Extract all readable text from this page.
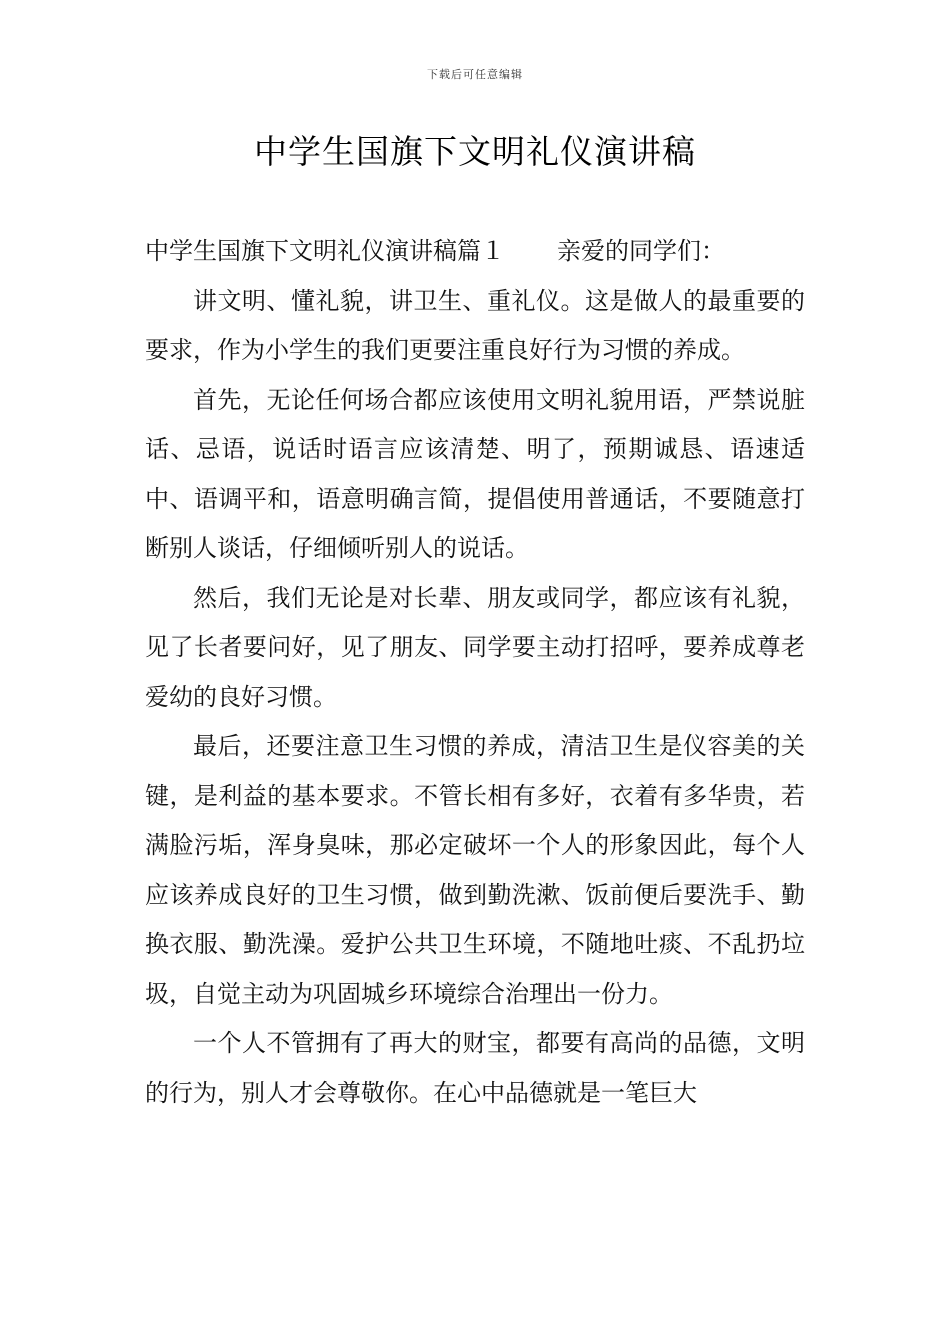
下载后可任意编辑
中学生国旗下文明礼仪演讲稿

中学生国旗下文明礼仪演讲稿篇１ 亲爱的同学们：

讲文明、懂礼貌，讲卫生、重礼仪。这是做人的最重要的要求，作为小学生的我们更要注重良好行为习惯的养成。

首先，无论任何场合都应该使用文明礼貌用语，严禁说脏话、忌语，说话时语言应该清楚、明了，预期诚恳、语速适中、语调平和，语意明确言简，提倡使用普通话，不要随意打断别人谈话，仔细倾听别人的说话。

然后，我们无论是对长辈、朋友或同学，都应该有礼貌，见了长者要问好，见了朋友、同学要主动打招呼，要养成尊老爱幼的良好习惯。

最后，还要注意卫生习惯的养成，清洁卫生是仪容美的关键，是利益的基本要求。不管长相有多好，衣着有多华贵，若满脸污垢，浑身臭味，那必定破坏一个人的形象因此，每个人应该养成良好的卫生习惯，做到勤洗漱、饭前便后要洗手、勤换衣服、勤洗澡。爱护公共卫生环境，不随地吐痰、不乱扔垃圾，自觉主动为巩固城乡环境综合治理出一份力。

一个人不管拥有了再大的财宝，都要有高尚的品德，文明的行为，别人才会尊敬你。在心中品德就是一笔巨大
